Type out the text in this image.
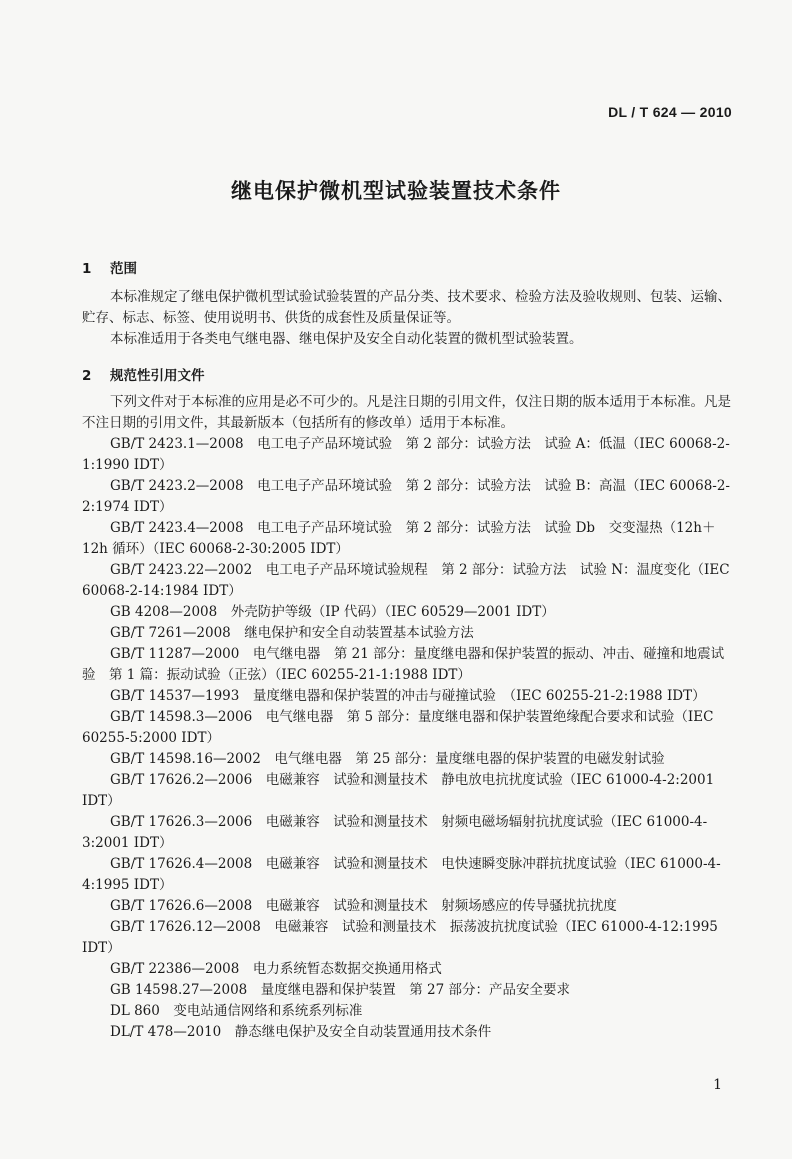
DL / T 624 — 2010
继电保护微机型试验装置技术条件
1 范围

本标准规定了继电保护微机型试验试验装置的产品分类、技术要求、检验方法及验收规则、包装、运输、贮存、标志、标签、使用说明书、供货的成套性及质量保证等。

本标准适用于各类电气继电器、继电保护及安全自动化装置的微机型试验装置。

2 规范性引用文件

下列文件对于本标准的应用是必不可少的。凡是注日期的引用文件，仅注日期的版本适用于本标准。凡是不注日期的引用文件，其最新版本（包括所有的修改单）适用于本标准。

GB/T 2423.1—2008　电工电子产品环境试验　第 2 部分：试验方法　试验 A：低温（IEC 60068-2-1:1990 IDT）

GB/T 2423.2—2008　电工电子产品环境试验　第 2 部分：试验方法　试验 B：高温（IEC 60068-2-2:1974 IDT）

GB/T 2423.4—2008　电工电子产品环境试验　第 2 部分：试验方法　试验 Db　交变湿热（12h＋12h 循环）（IEC 60068-2-30:2005 IDT）

GB/T 2423.22—2002　电工电子产品环境试验规程　第 2 部分：试验方法　试验 N：温度变化（IEC 60068-2-14:1984 IDT）

GB 4208—2008　外壳防护等级（IP 代码）（IEC 60529—2001 IDT）

GB/T 7261—2008　继电保护和安全自动装置基本试验方法

GB/T 11287—2000　电气继电器　第 21 部分：量度继电器和保护装置的振动、冲击、碰撞和地震试验　第 1 篇：振动试验（正弦）（IEC 60255-21-1:1988 IDT）

GB/T 14537—1993　量度继电器和保护装置的冲击与碰撞试验　（IEC 60255-21-2:1988 IDT）

GB/T 14598.3—2006　电气继电器　第 5 部分：量度继电器和保护装置绝缘配合要求和试验（IEC 60255-5:2000 IDT）

GB/T 14598.16—2002　电气继电器　第 25 部分：量度继电器的保护装置的电磁发射试验

GB/T 17626.2—2006　电磁兼容　试验和测量技术　静电放电抗扰度试验（IEC 61000-4-2:2001 IDT）

GB/T 17626.3—2006　电磁兼容　试验和测量技术　射频电磁场辐射抗扰度试验（IEC 61000-4-3:2001 IDT）

GB/T 17626.4—2008　电磁兼容　试验和测量技术　电快速瞬变脉冲群抗扰度试验（IEC 61000-4-4:1995 IDT）

GB/T 17626.6—2008　电磁兼容　试验和测量技术　射频场感应的传导骚扰抗扰度

GB/T 17626.12—2008　电磁兼容　试验和测量技术　振荡波抗扰度试验（IEC 61000-4-12:1995 IDT）

GB/T 22386—2008　电力系统暂态数据交换通用格式

GB 14598.27—2008　量度继电器和保护装置　第 27 部分：产品安全要求

DL 860　变电站通信网络和系统系列标准

DL/T 478—2010　静态继电保护及安全自动装置通用技术条件

1
